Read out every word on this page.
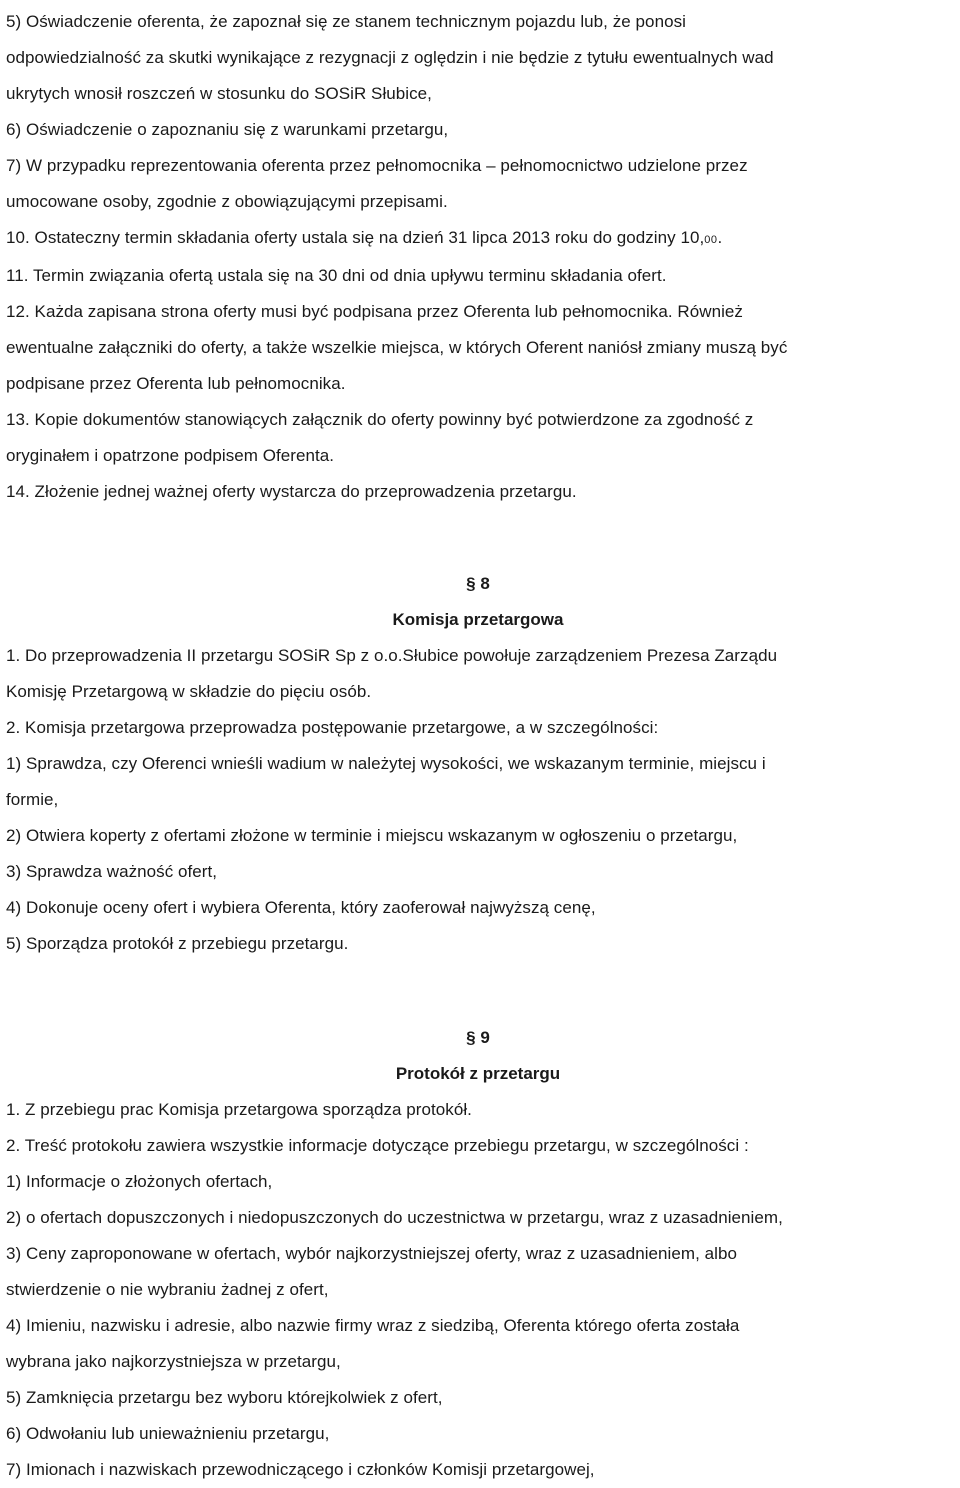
5) Oświadczenie oferenta, że zapoznał się ze stanem technicznym pojazdu lub, że ponosi
odpowiedzialność za skutki wynikające z rezygnacji z oględzin i nie będzie z tytułu ewentualnych wad
ukrytych wnosił roszczeń w stosunku do SOSiR Słubice,
6) Oświadczenie o zapoznaniu się z warunkami przetargu,
7) W przypadku reprezentowania oferenta przez pełnomocnika – pełnomocnictwo udzielone przez
umocowane osoby, zgodnie z obowiązującymi przepisami.
10. Ostateczny termin składania oferty ustala się na dzień 31 lipca 2013 roku do godziny 10,00.
11. Termin związania ofertą ustala się na 30 dni od dnia upływu terminu składania ofert.
12. Każda zapisana strona oferty musi być podpisana przez Oferenta lub pełnomocnika. Również
ewentualne załączniki do oferty, a także wszelkie miejsca, w których Oferent naniósł zmiany muszą być
podpisane przez Oferenta lub pełnomocnika.
13. Kopie dokumentów stanowiących załącznik do oferty powinny być potwierdzone za zgodność z
oryginałem i opatrzone podpisem Oferenta.
14. Złożenie jednej ważnej oferty wystarcza do przeprowadzenia przetargu.
§ 8
Komisja przetargowa
1. Do przeprowadzenia II przetargu SOSiR Sp z o.o.Słubice powołuje zarządzeniem Prezesa Zarządu
Komisję Przetargową w składzie do pięciu osób.
2. Komisja przetargowa przeprowadza postępowanie przetargowe, a w szczególności:
1) Sprawdza, czy Oferenci wnieśli wadium w należytej wysokości, we wskazanym terminie, miejscu i
formie,
2) Otwiera koperty z ofertami złożone w terminie i miejscu wskazanym w ogłoszeniu o przetargu,
3) Sprawdza ważność ofert,
4) Dokonuje oceny ofert i wybiera Oferenta, który zaoferował najwyższą cenę,
5) Sporządza protokół z przebiegu przetargu.
§ 9
Protokół z przetargu
1. Z przebiegu prac Komisja przetargowa sporządza protokół.
2. Treść protokołu zawiera wszystkie informacje dotyczące przebiegu przetargu, w szczególności :
1) Informacje o złożonych ofertach,
2) o ofertach dopuszczonych i niedopuszczonych do uczestnictwa w przetargu, wraz z uzasadnieniem,
3) Ceny zaproponowane w ofertach, wybór najkorzystniejszej oferty, wraz z uzasadnieniem, albo
stwierdzenie o nie wybraniu żadnej z ofert,
4) Imieniu, nazwisku i adresie, albo nazwie firmy wraz z siedzibą, Oferenta którego oferta została
wybrana jako najkorzystniejsza w przetargu,
5) Zamknięcia przetargu bez wyboru którejkolwiek z ofert,
6) Odwołaniu lub unieważnieniu przetargu,
7) Imionach i nazwiskach przewodniczącego i członków Komisji przetargowej,
